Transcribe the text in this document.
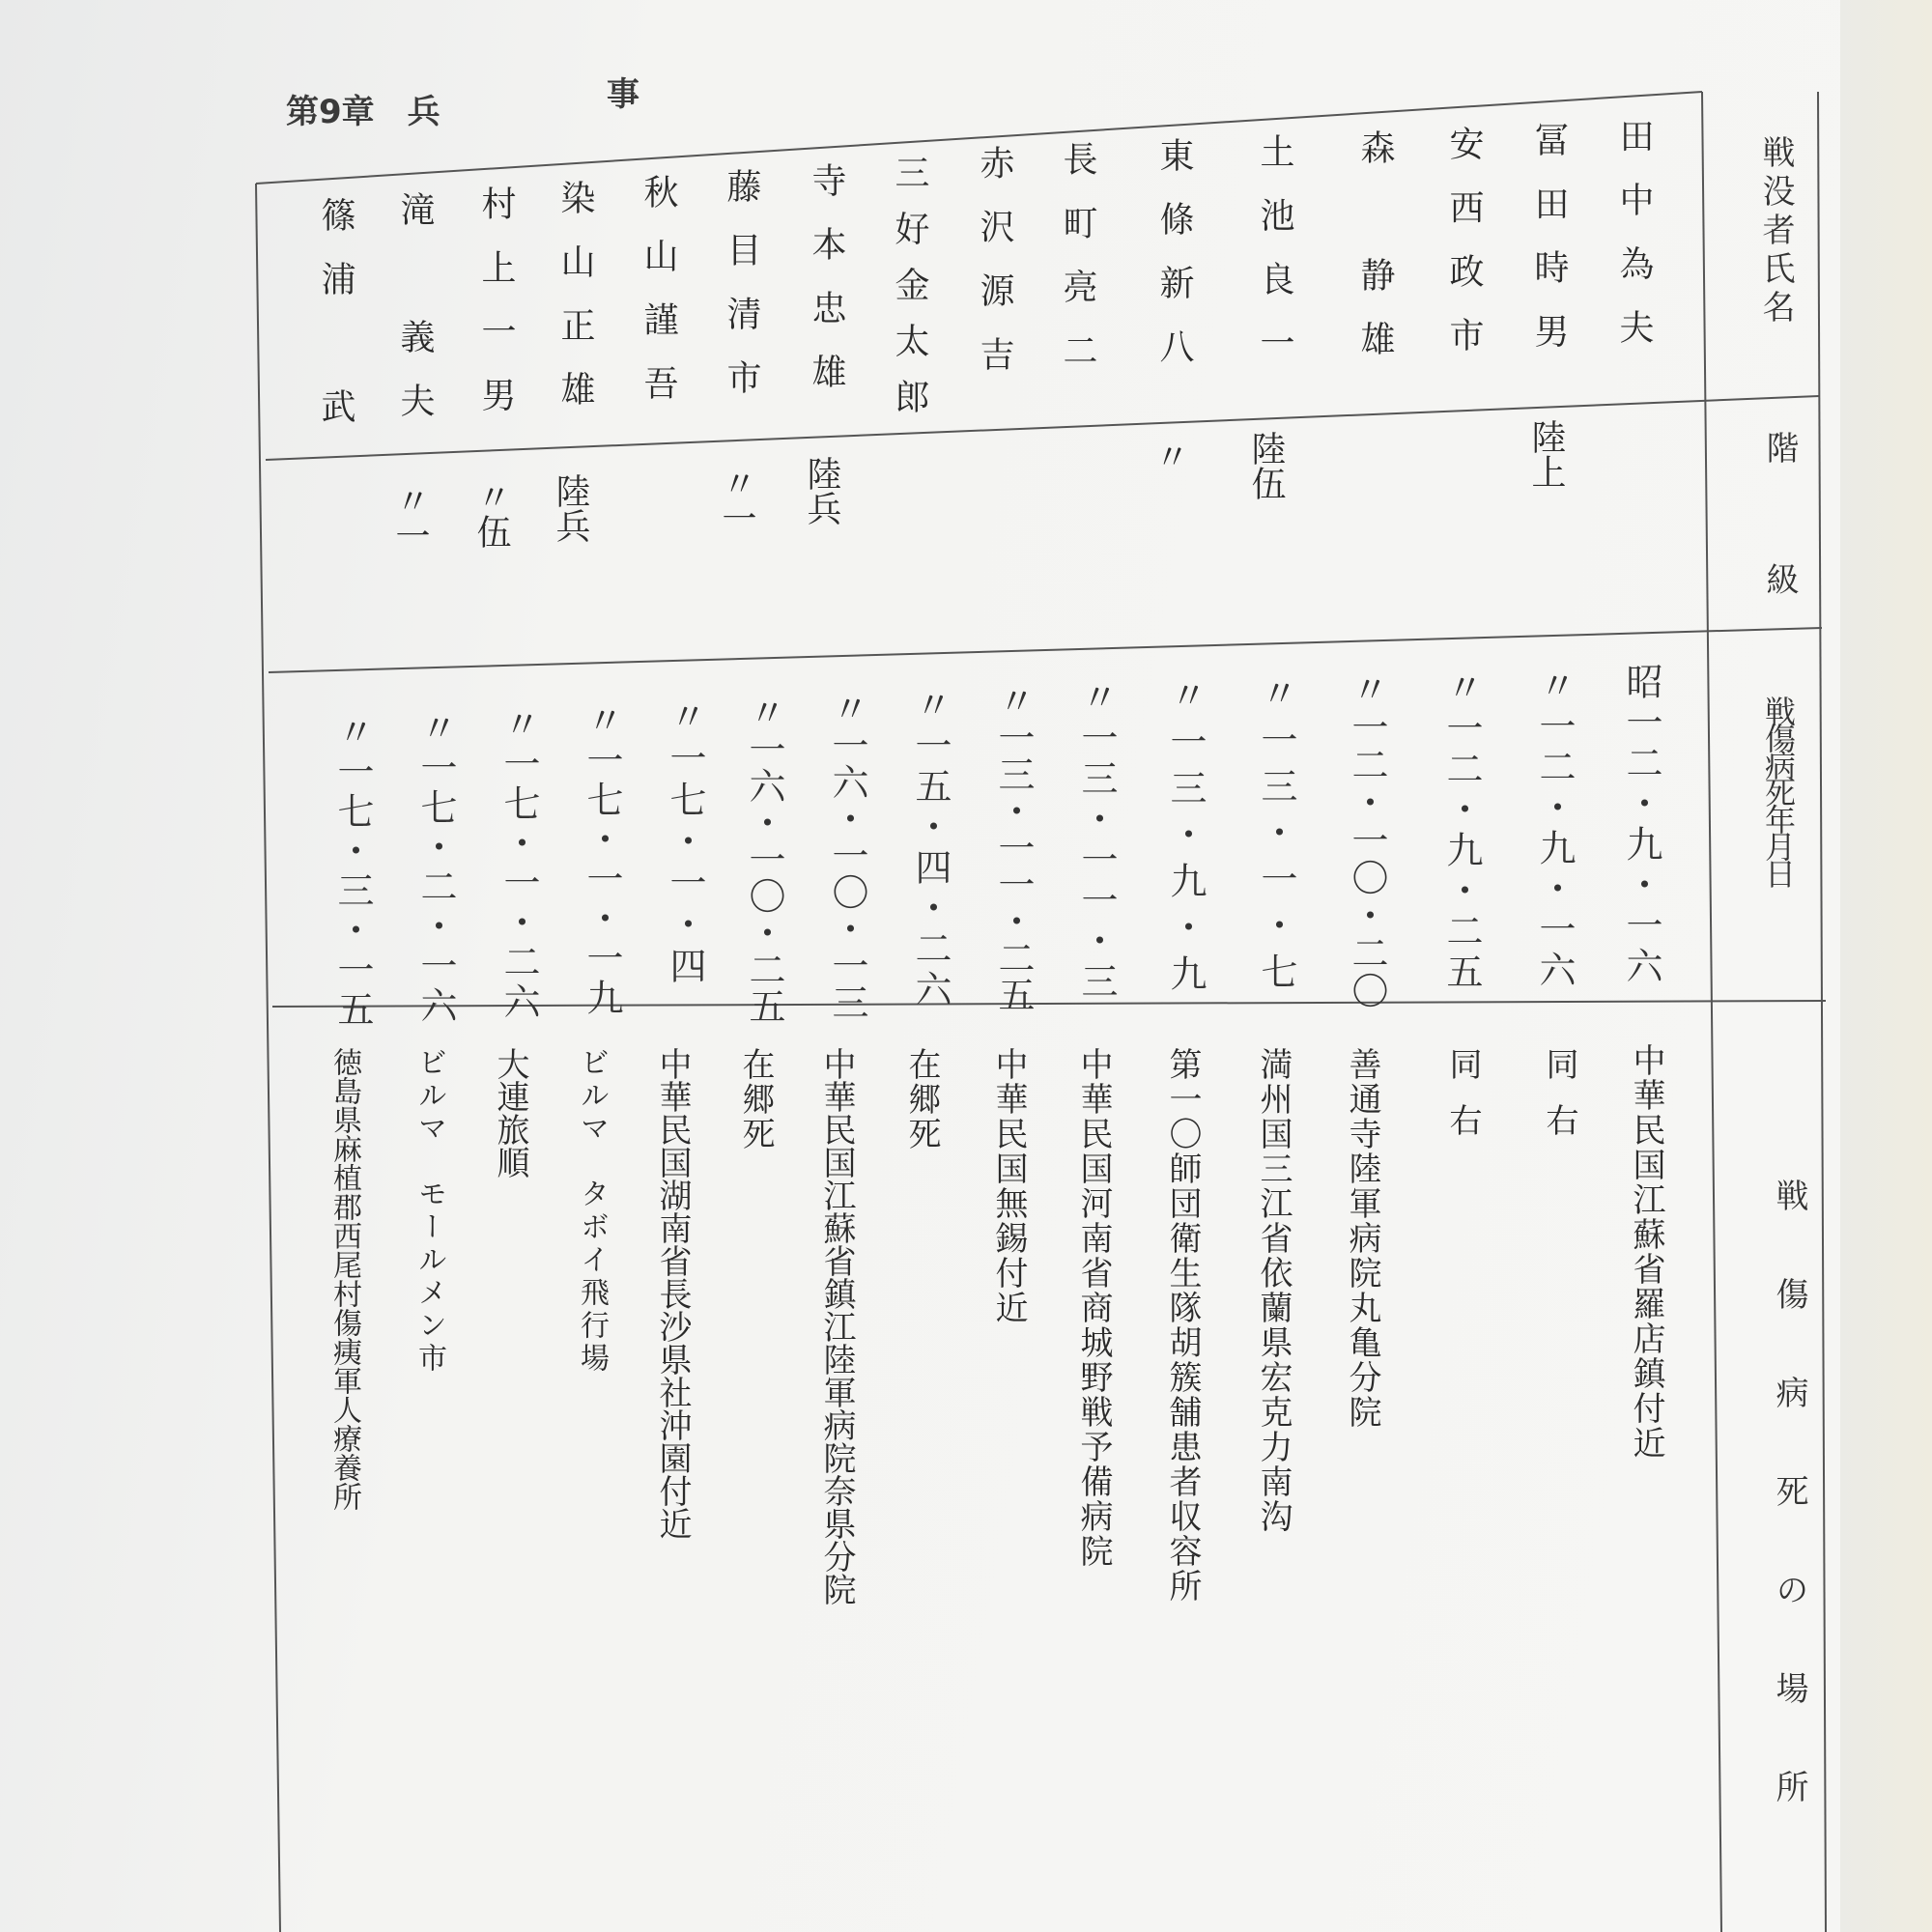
第9章　 兵	事
戦没者氏名
階
級
戦傷病死年月日
戦傷病死の場所
田中為夫
冨田時男
安西政市
森　静雄
土池良一
東條新八
長町亮二
赤沢源吉
三好金太郎
寺本忠雄
藤目清市
秋山謹吾
染山正雄
村上一男
滝　義夫
篠浦　武
陸上
陸伍
〃
陸兵
〃一
陸兵
〃伍
〃一
昭一二・九・一六
〃一二・九・一六
〃一二・九・二五
〃一二・一〇・二〇
〃一三・一・七
〃一三・九・九
〃一三・一一・三
〃一三・一一・二五
〃一五・四・二六
〃一六・一〇・一三
〃一六・一〇・二五
〃一七・一・四
〃一七・一・一九
〃一七・一・二六
〃一七・二・一六
〃一七・三・一五
中華民国江蘇省羅店鎮付近
同右
同右
善通寺陸軍病院丸亀分院
満州国三江省依蘭県宏克力南沟
第一〇師団衛生隊胡簇舗患者収容所
中華民国河南省商城野戦予備病院
中華民国無錫付近
在郷死
中華民国江蘇省鎮江陸軍病院奈県分院
在郷死
中華民国湖南省長沙県社沖園付近
ビルマ　タボイ飛行場
大連旅順
ビルマ　モールメン市
徳島県麻植郡西尾村傷痍軍人療養所
